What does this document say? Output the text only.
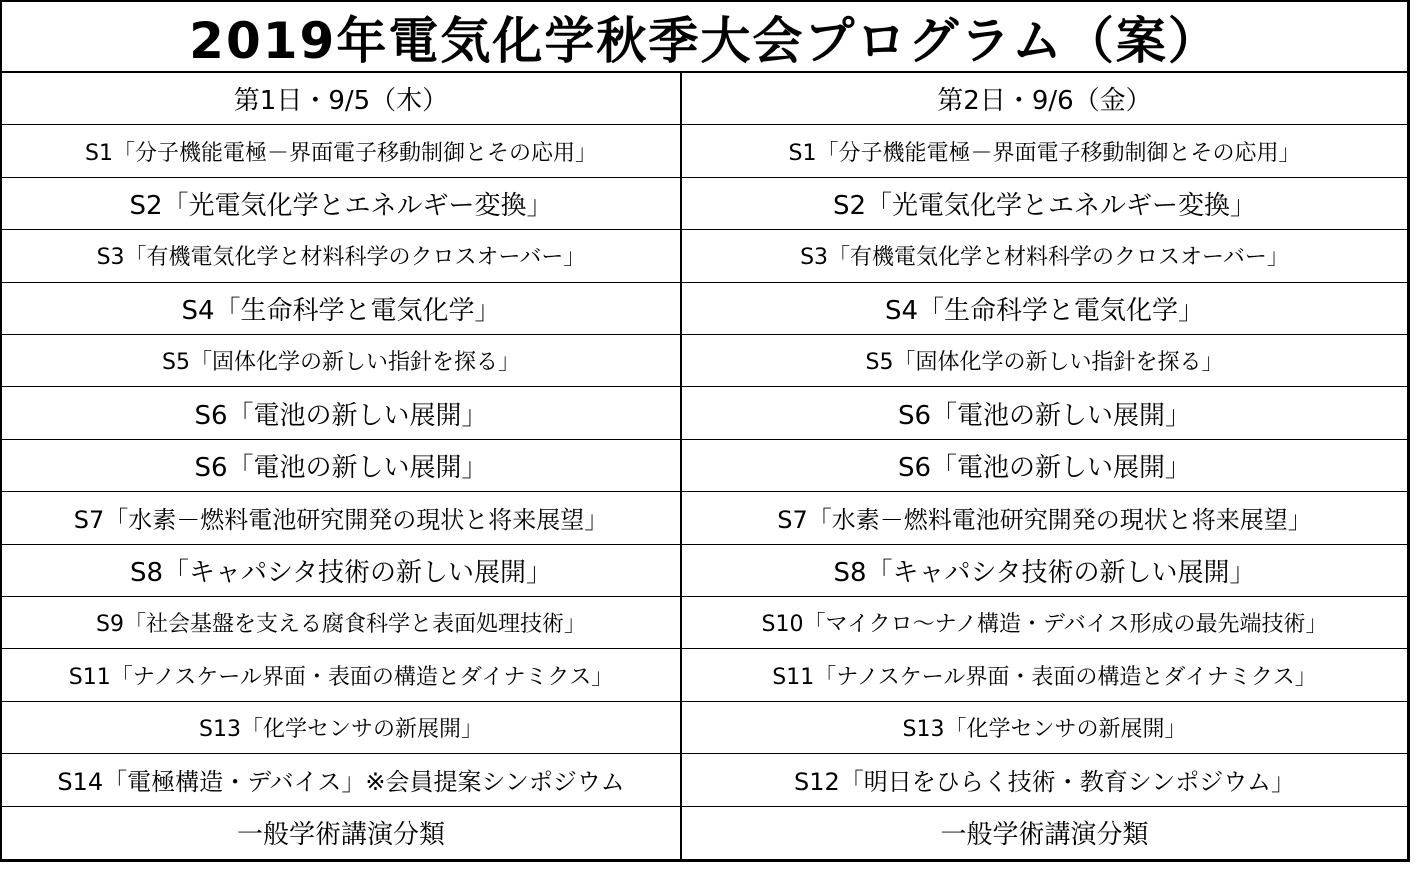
2019年電気化学秋季大会プログラム（案）
第1日・9/5（木）	第2日・9/6（金）
S1「分子機能電極－界面電子移動制御とその応用」	S1「分子機能電極－界面電子移動制御とその応用」
S2「光電気化学とエネルギー変換」	S2「光電気化学とエネルギー変換」
S3「有機電気化学と材料科学のクロスオーバー」	S3「有機電気化学と材料科学のクロスオーバー」
S4「生命科学と電気化学」	S4「生命科学と電気化学」
S5「固体化学の新しい指針を探る」	S5「固体化学の新しい指針を探る」
S6「電池の新しい展開」	S6「電池の新しい展開」
S6「電池の新しい展開」	S6「電池の新しい展開」
S7「水素－燃料電池研究開発の現状と将来展望」	S7「水素－燃料電池研究開発の現状と将来展望」
S8「キャパシタ技術の新しい展開」	S8「キャパシタ技術の新しい展開」
S9「社会基盤を支える腐食科学と表面処理技術」	S10「マイクロ～ナノ構造・デバイス形成の最先端技術」
S11「ナノスケール界面・表面の構造とダイナミクス」	S11「ナノスケール界面・表面の構造とダイナミクス」
S13「化学センサの新展開」	S13「化学センサの新展開」
S14「電極構造・デバイス」※会員提案シンポジウム	S12「明日をひらく技術・教育シンポジウム」
一般学術講演分類	一般学術講演分類
